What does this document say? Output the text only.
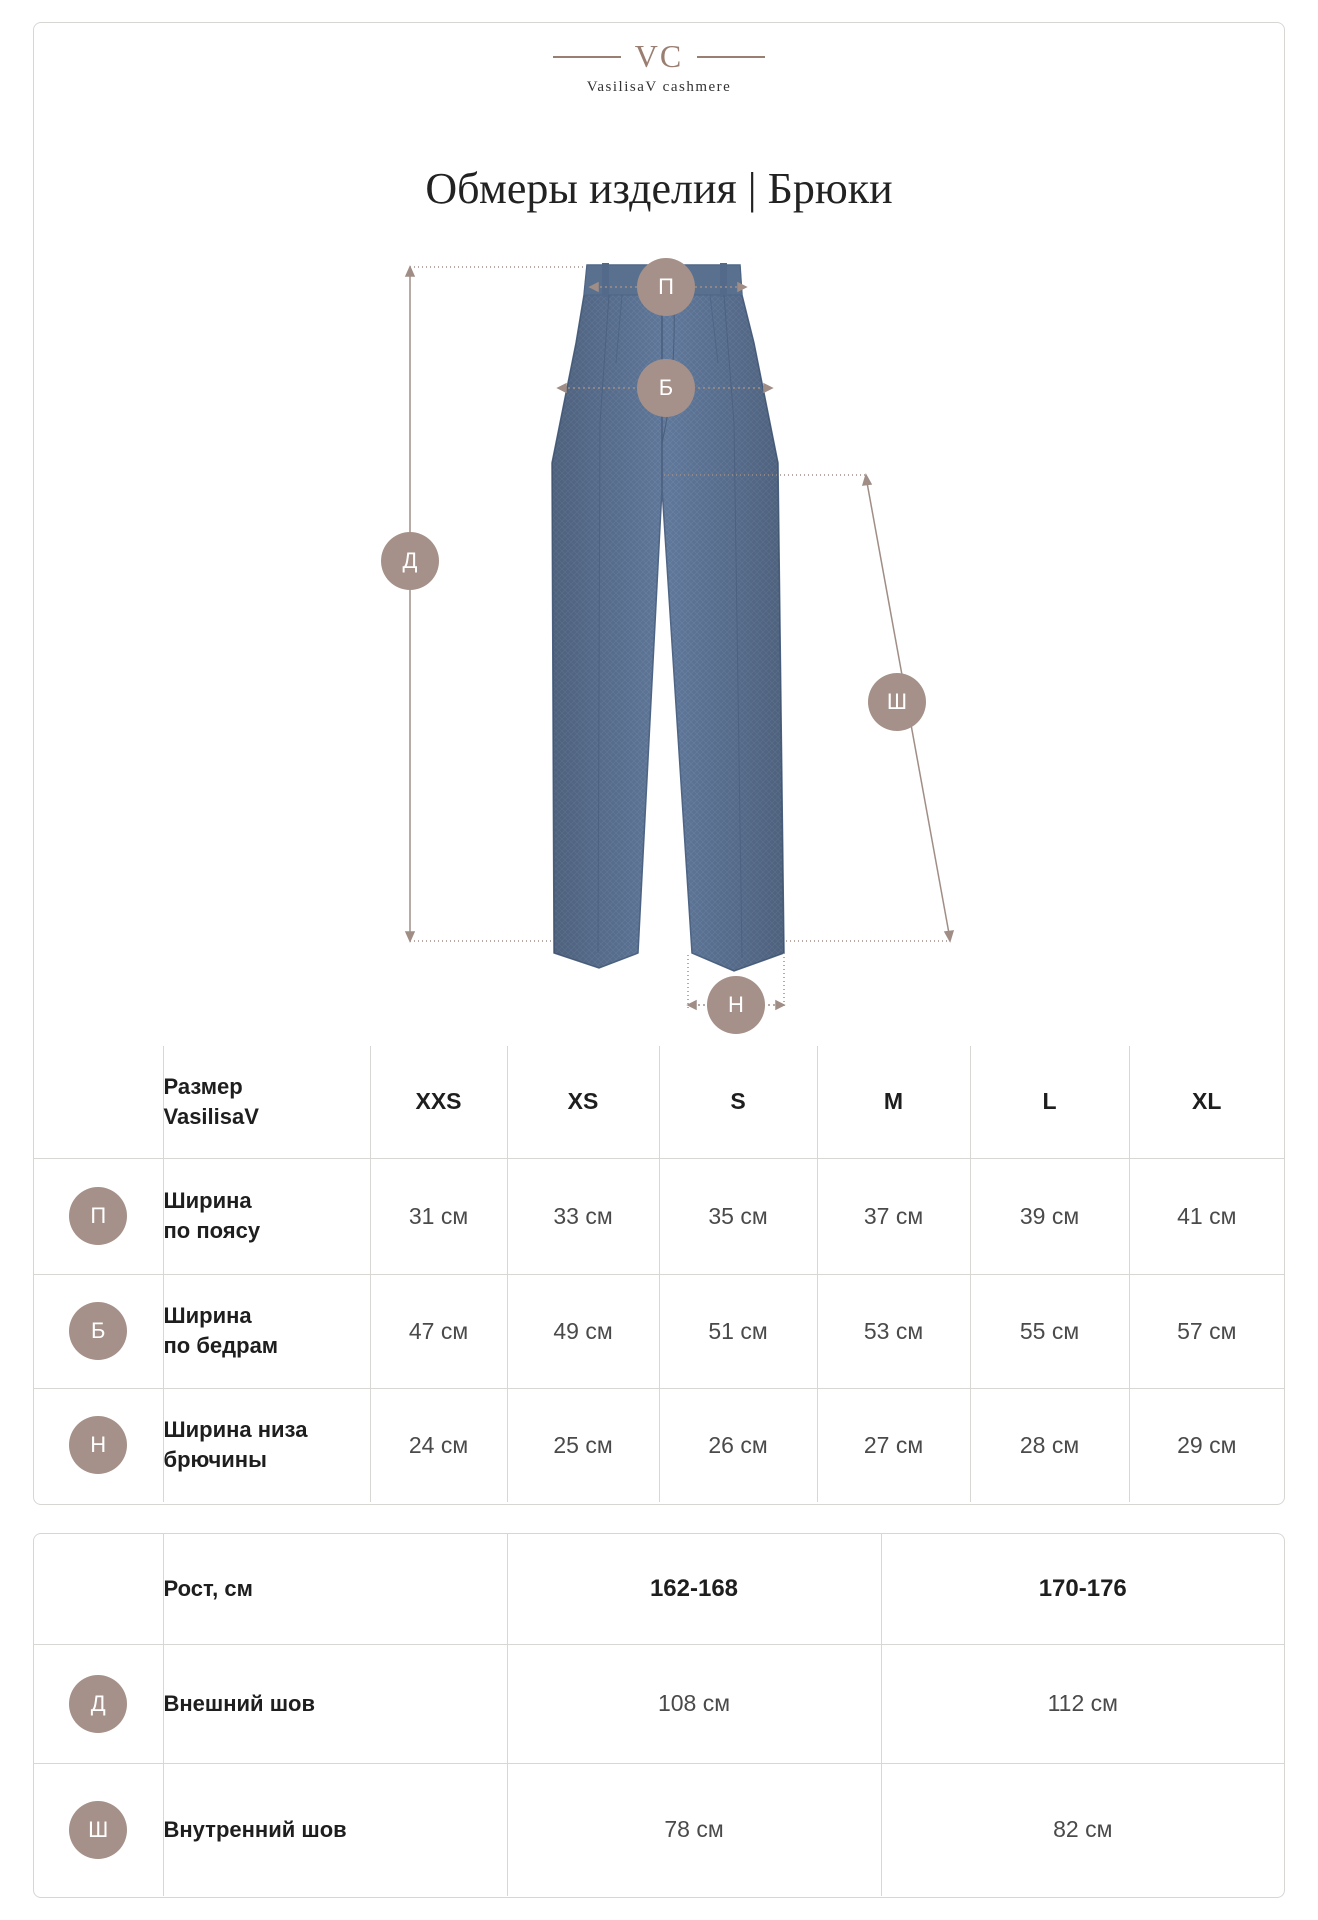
VC
VasilisaV cashmere
Обмеры изделия | Брюки
П
Б
Д
Ш
Н
	Размер
VasilisaV	XXS	XS	S	M	L	XL

П	Ширина
по поясу	31 см	33 см	35 см	37 см	39 см	41 см

Б	Ширина
по бедрам	47 см	49 см	51 см	53 см	55 см	57 см

Н	Ширина низа
брючины	24 см	25 см	26 см	27 см	28 см	29 см
	Рост, см	162-168	170-176

Д	Внешний шов	108 см	112 см

Ш	Внутренний шов	78 см	82 см
